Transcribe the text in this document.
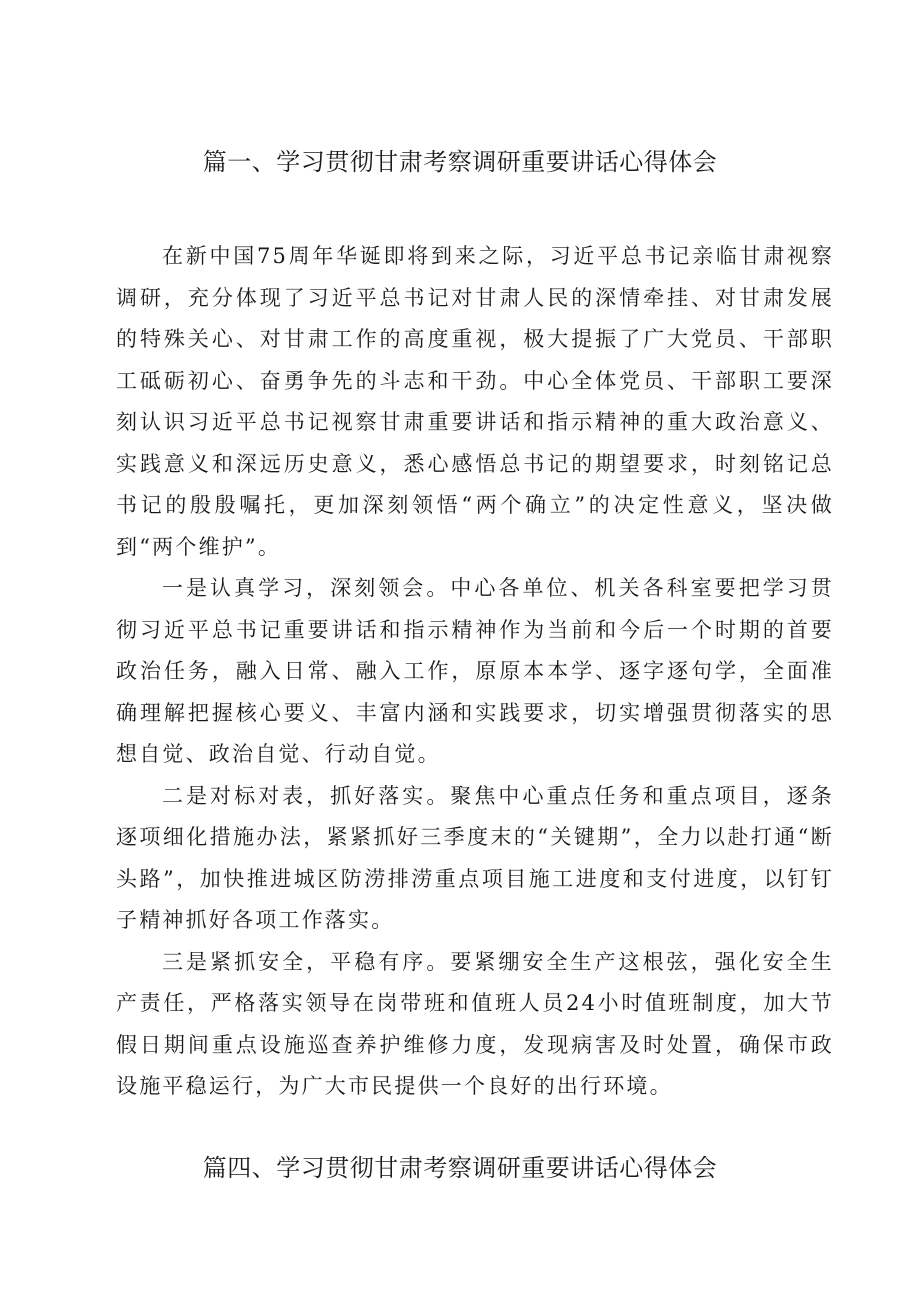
篇一、学习贯彻甘肃考察调研重要讲话心得体会

在新中国75周年华诞即将到来之际，习近平总书记亲临甘肃视察调研，充分体现了习近平总书记对甘肃人民的深情牵挂、对甘肃发展的特殊关心、对甘肃工作的高度重视，极大提振了广大党员、干部职工砥砺初心、奋勇争先的斗志和干劲。中心全体党员、干部职工要深刻认识习近平总书记视察甘肃重要讲话和指示精神的重大政治意义、实践意义和深远历史意义，悉心感悟总书记的期望要求，时刻铭记总书记的殷殷嘱托，更加深刻领悟“两个确立”的决定性意义，坚决做到“两个维护”。

一是认真学习，深刻领会。中心各单位、机关各科室要把学习贯彻习近平总书记重要讲话和指示精神作为当前和今后一个时期的首要政治任务，融入日常、融入工作，原原本本学、逐字逐句学，全面准确理解把握核心要义、丰富内涵和实践要求，切实增强贯彻落实的思想自觉、政治自觉、行动自觉。

二是对标对表，抓好落实。聚焦中心重点任务和重点项目，逐条逐项细化措施办法，紧紧抓好三季度末的“关键期”，全力以赴打通“断头路”，加快推进城区防涝排涝重点项目施工进度和支付进度，以钉钉子精神抓好各项工作落实。

三是紧抓安全，平稳有序。要紧绷安全生产这根弦，强化安全生产责任，严格落实领导在岗带班和值班人员24小时值班制度，加大节假日期间重点设施巡查养护维修力度，发现病害及时处置，确保市政设施平稳运行，为广大市民提供一个良好的出行环境。

篇四、学习贯彻甘肃考察调研重要讲话心得体会
